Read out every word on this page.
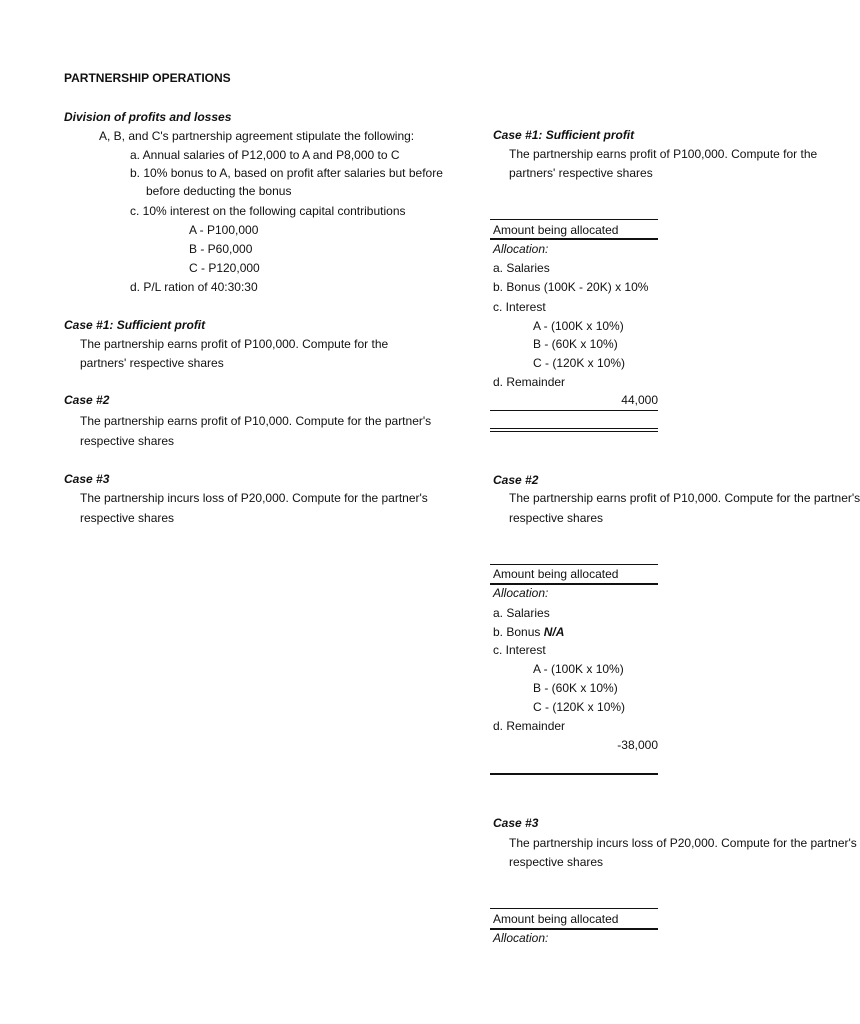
PARTNERSHIP OPERATIONS
Division of profits and losses
A, B, and C's partnership agreement stipulate the following:
a. Annual salaries of P12,000 to A and P8,000 to C
b. 10% bonus to A, based on profit after salaries but before
before deducting the bonus
c. 10% interest on the following capital contributions
A - P100,000
B - P60,000
C - P120,000
d. P/L ration of 40:30:30
Case #1: Sufficient profit
The partnership earns profit of P100,000. Compute for the
partners' respective shares
Case #2
The partnership earns profit of P10,000. Compute for the partner's
respective shares
Case #3
The partnership incurs loss of P20,000. Compute for the partner's
respective shares
Case #1: Sufficient profit
The partnership earns profit of P100,000. Compute for the
partners' respective shares
Amount being allocated
Allocation:
a. Salaries
b. Bonus (100K - 20K) x 10%
c. Interest
A - (100K x 10%)
B - (60K x 10%)
C - (120K x 10%)
d. Remainder
44,000
Case #2
The partnership earns profit of P10,000. Compute for the partner's
respective shares
Amount being allocated
Allocation:
a. Salaries
b. Bonus N/A
c. Interest
A - (100K x 10%)
B - (60K x 10%)
C - (120K x 10%)
d. Remainder
-38,000
Case #3
The partnership incurs loss of P20,000. Compute for the partner's
respective shares
Amount being allocated
Allocation:
